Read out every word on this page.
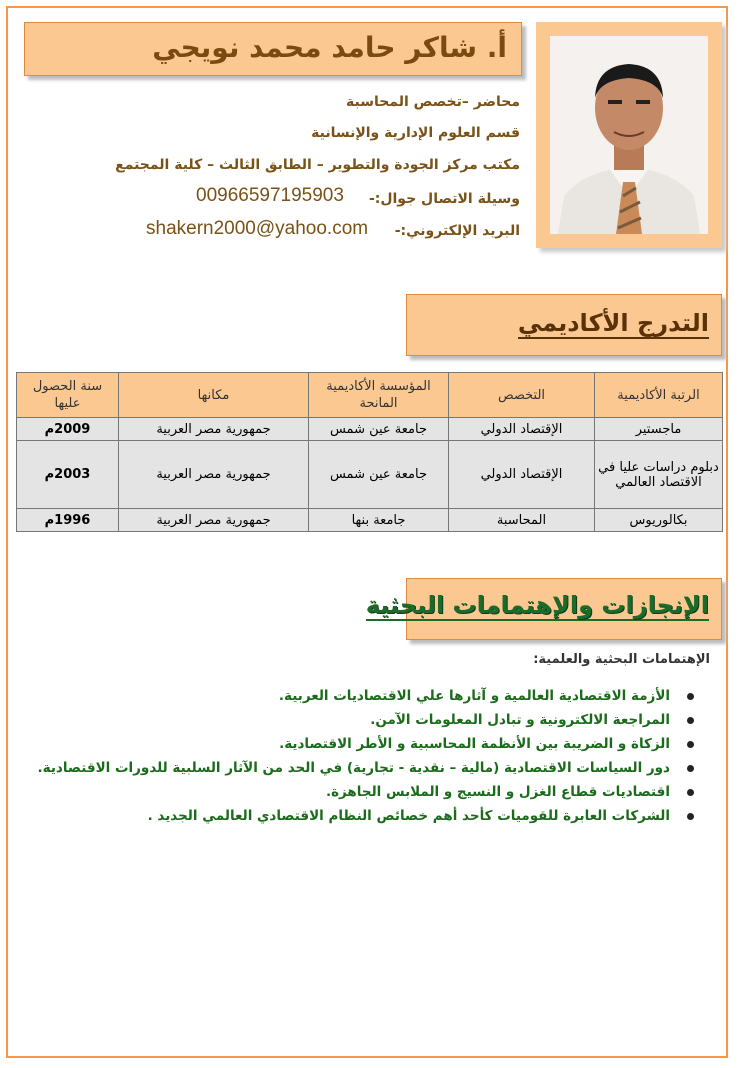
أ. شاكر حامد محمد نويجي
محاضر –تخصص المحاسبة
قسم العلوم الإدارية والإنسانية
مكتب مركز الجودة والتطوير – الطابق الثالث – كلية المجتمع
وسيلة الاتصال جوال:-
00966597195903
البريد الإلكتروني:-
shakern2000@yahoo.com
التدرج الأكاديمي
الرتبة الأكاديمية	التخصص	المؤسسة الأكاديمية المانحة	مكانها	سنة الحصول عليها
ماجستير	الإقتصاد الدولي	جامعة عين شمس	جمهورية مصر العربية	2009م
دبلوم دراسات عليا في الاقتصاد العالمي	الإقتصاد الدولي	جامعة عين شمس	جمهورية مصر العربية	2003م
بكالوريوس	المحاسبة	جامعة بنها	جمهورية مصر العربية	1996م
الإنجازات والإهتمامات البحثية
الإهتمامات البحثية والعلمية:
الأزمة الاقتصادية العالمية و آثارها علي الاقتصاديات العربية.
المراجعة الالكترونية و تبادل المعلومات الآمن.
الزكاة و الضريبة بين الأنظمة المحاسبية و الأطر الاقتصادية.
دور السياسات الاقتصادية (مالية – نقدية - تجارية) في الحد من الآثار السلبية للدورات الاقتصادية.
اقتصاديات قطاع الغزل و النسيج و الملابس الجاهزة.
الشركات العابرة للقوميات كأحد أهم خصائص النظام الاقتصادي العالمي الجديد .
